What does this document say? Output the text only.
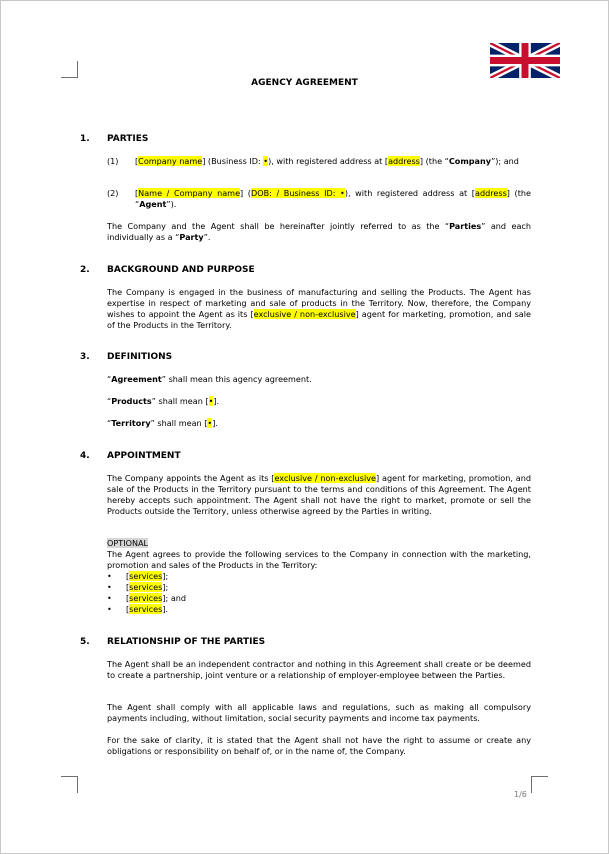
AGENCY AGREEMENT
1. PARTIES
(1) [Company name] (Business ID: •), with registered address at [address] (the “Company”); and
(2) [Name / Company name] (DOB: / Business ID: •), with registered address at [address] (the “Agent”).
The Company and the Agent shall be hereinafter jointly referred to as the “Parties” and each individually as a “Party”.
2. BACKGROUND AND PURPOSE
The Company is engaged in the business of manufacturing and selling the Products. The Agent has expertise in respect of marketing and sale of products in the Territory. Now, therefore, the Company wishes to appoint the Agent as its [exclusive / non-exclusive] agent for marketing, promotion, and sale of the Products in the Territory.
3. DEFINITIONS
“Agreement” shall mean this agency agreement.
“Products” shall mean [•].
“Territory” shall mean [•].
4. APPOINTMENT
The Company appoints the Agent as its [exclusive / non-exclusive] agent for marketing, promotion, and sale of the Products in the Territory pursuant to the terms and conditions of this Agreement. The Agent hereby accepts such appointment. The Agent shall not have the right to market, promote or sell the Products outside the Territory, unless otherwise agreed by the Parties in writing.
OPTIONAL
The Agent agrees to provide the following services to the Company in connection with the marketing, promotion and sales of the Products in the Territory:
• [services];
• [services];
• [services]; and
• [services].
5. RELATIONSHIP OF THE PARTIES
The Agent shall be an independent contractor and nothing in this Agreement shall create or be deemed to create a partnership, joint venture or a relationship of employer-employee between the Parties.
The Agent shall comply with all applicable laws and regulations, such as making all compulsory payments including, without limitation, social security payments and income tax payments.
For the sake of clarity, it is stated that the Agent shall not have the right to assume or create any obligations or responsibility on behalf of, or in the name of, the Company.
1/6
